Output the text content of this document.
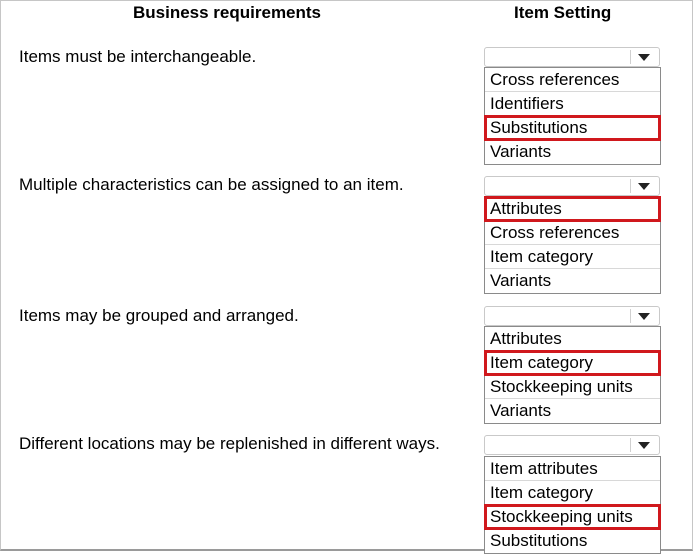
Business requirements	Item Setting
Items must be interchangeable.
Cross references
Identifiers
Substitutions
Variants
Multiple characteristics can be assigned to an item.
Attributes
Cross references
Item category
Variants
Items may be grouped and arranged.
Attributes
Item category
Stockkeeping units
Variants
Different locations may be replenished in different ways.
Item attributes
Item category
Stockkeeping units
Substitutions
